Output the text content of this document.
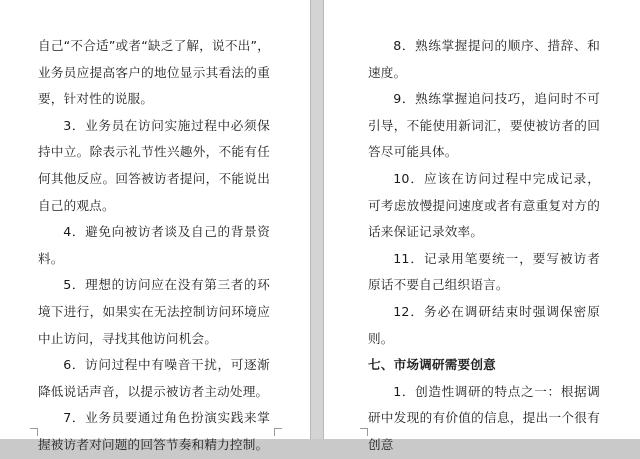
自己“不合适”或者“缺乏了解，说不出”，业务员应提高客户的地位显示其看法的重要，针对性的说服。

3．业务员在访问实施过程中必须保持中立。除表示礼节性兴趣外，不能有任何其他反应。回答被访者提问，不能说出自己的观点。

4．避免向被访者谈及自己的背景资料。

5．理想的访问应在没有第三者的环境下进行，如果实在无法控制访问环境应中止访问，寻找其他访问机会。

6．访问过程中有噪音干扰，可逐渐降低说话声音，以提示被访者主动处理。

7．业务员要通过角色扮演实践来掌握被访者对问题的回答节奏和精力控制。

8．熟练掌握提问的顺序、措辞、和速度。

9．熟练掌握追问技巧，追问时不可引导，不能使用新词汇，要使被访者的回答尽可能具体。

10．应该在访问过程中完成记录，可考虑放慢提问速度或者有意重复对方的话来保证记录效率。

11．记录用笔要统一，要写被访者原话不要自己组织语言。

12．务必在调研结束时强调保密原则。

七、市场调研需要创意

1．创造性调研的特点之一：根据调研中发现的有价值的信息，提出一个很有创意
